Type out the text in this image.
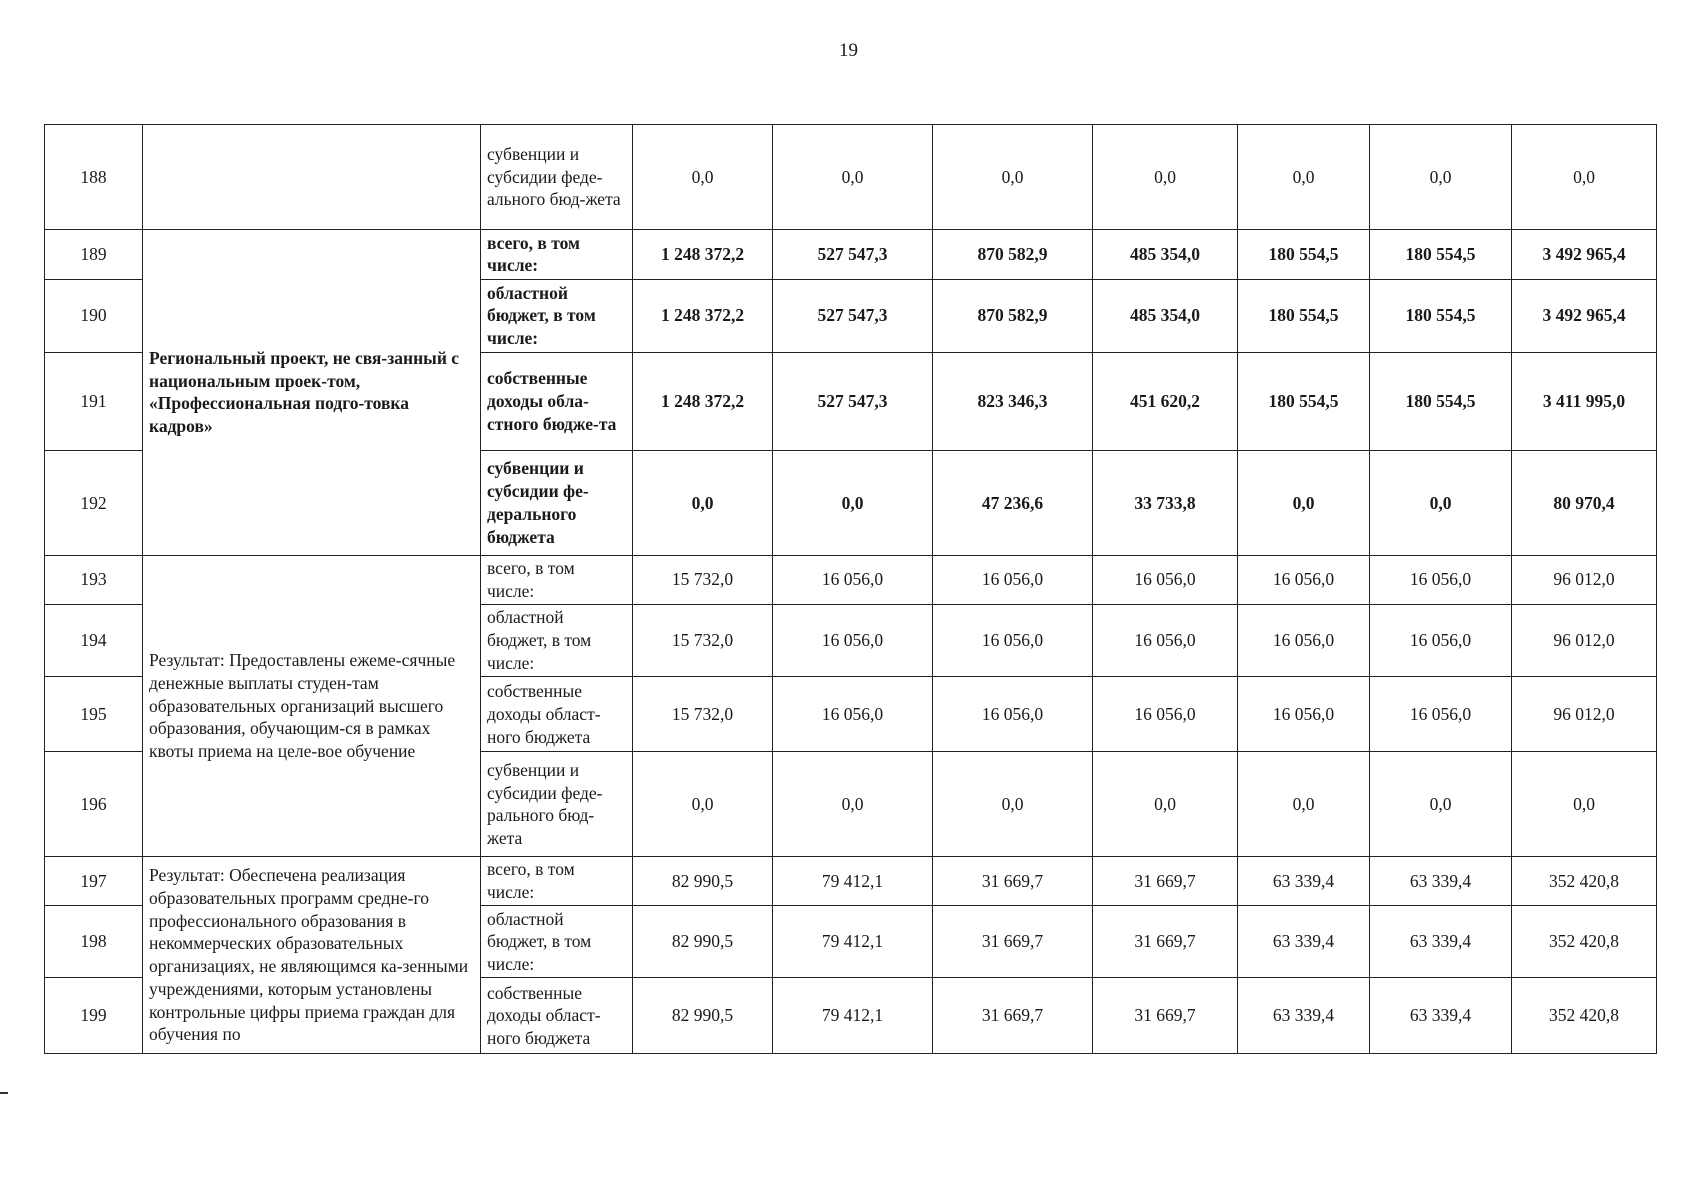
19
188		субвенции и субсидии феде-ального бюд-жета	0,0	0,0	0,0	0,0	0,0	0,0	0,0
189	Региональный проект, не свя-занный с национальным проек-том, «Профессиональная подго-товка кадров»	всего, в том числе:	1 248 372,2	527 547,3	870 582,9	485 354,0	180 554,5	180 554,5	3 492 965,4
190		областной бюджет, в том числе:	1 248 372,2	527 547,3	870 582,9	485 354,0	180 554,5	180 554,5	3 492 965,4
191		собственные доходы обла-стного бюдже-та	1 248 372,2	527 547,3	823 346,3	451 620,2	180 554,5	180 554,5	3 411 995,0
192		субвенции и субсидии фе-дерального бюджета	0,0	0,0	47 236,6	33 733,8	0,0	0,0	80 970,4
193	Результат: Предоставлены ежеме-сячные денежные выплаты студен-там образовательных организаций высшего образования, обучающим-ся в рамках квоты приема на целе-вое обучение	всего, в том числе:	15 732,0	16 056,0	16 056,0	16 056,0	16 056,0	16 056,0	96 012,0
194		областной бюджет, в том числе:	15 732,0	16 056,0	16 056,0	16 056,0	16 056,0	16 056,0	96 012,0
195		собственные доходы област-ного бюджета	15 732,0	16 056,0	16 056,0	16 056,0	16 056,0	16 056,0	96 012,0
196		субвенции и субсидии феде-рального бюд-жета	0,0	0,0	0,0	0,0	0,0	0,0	0,0
197	Результат: Обеспечена реализация образовательных программ средне-го профессионального образования в некоммерческих образовательных организациях, не являющимся ка-зенными учреждениями, которым установлены контрольные цифры приема граждан для обучения по	всего, в том числе:	82 990,5	79 412,1	31 669,7	31 669,7	63 339,4	63 339,4	352 420,8
198		областной бюджет, в том числе:	82 990,5	79 412,1	31 669,7	31 669,7	63 339,4	63 339,4	352 420,8
199		собственные доходы област-ного бюджета	82 990,5	79 412,1	31 669,7	31 669,7	63 339,4	63 339,4	352 420,8
